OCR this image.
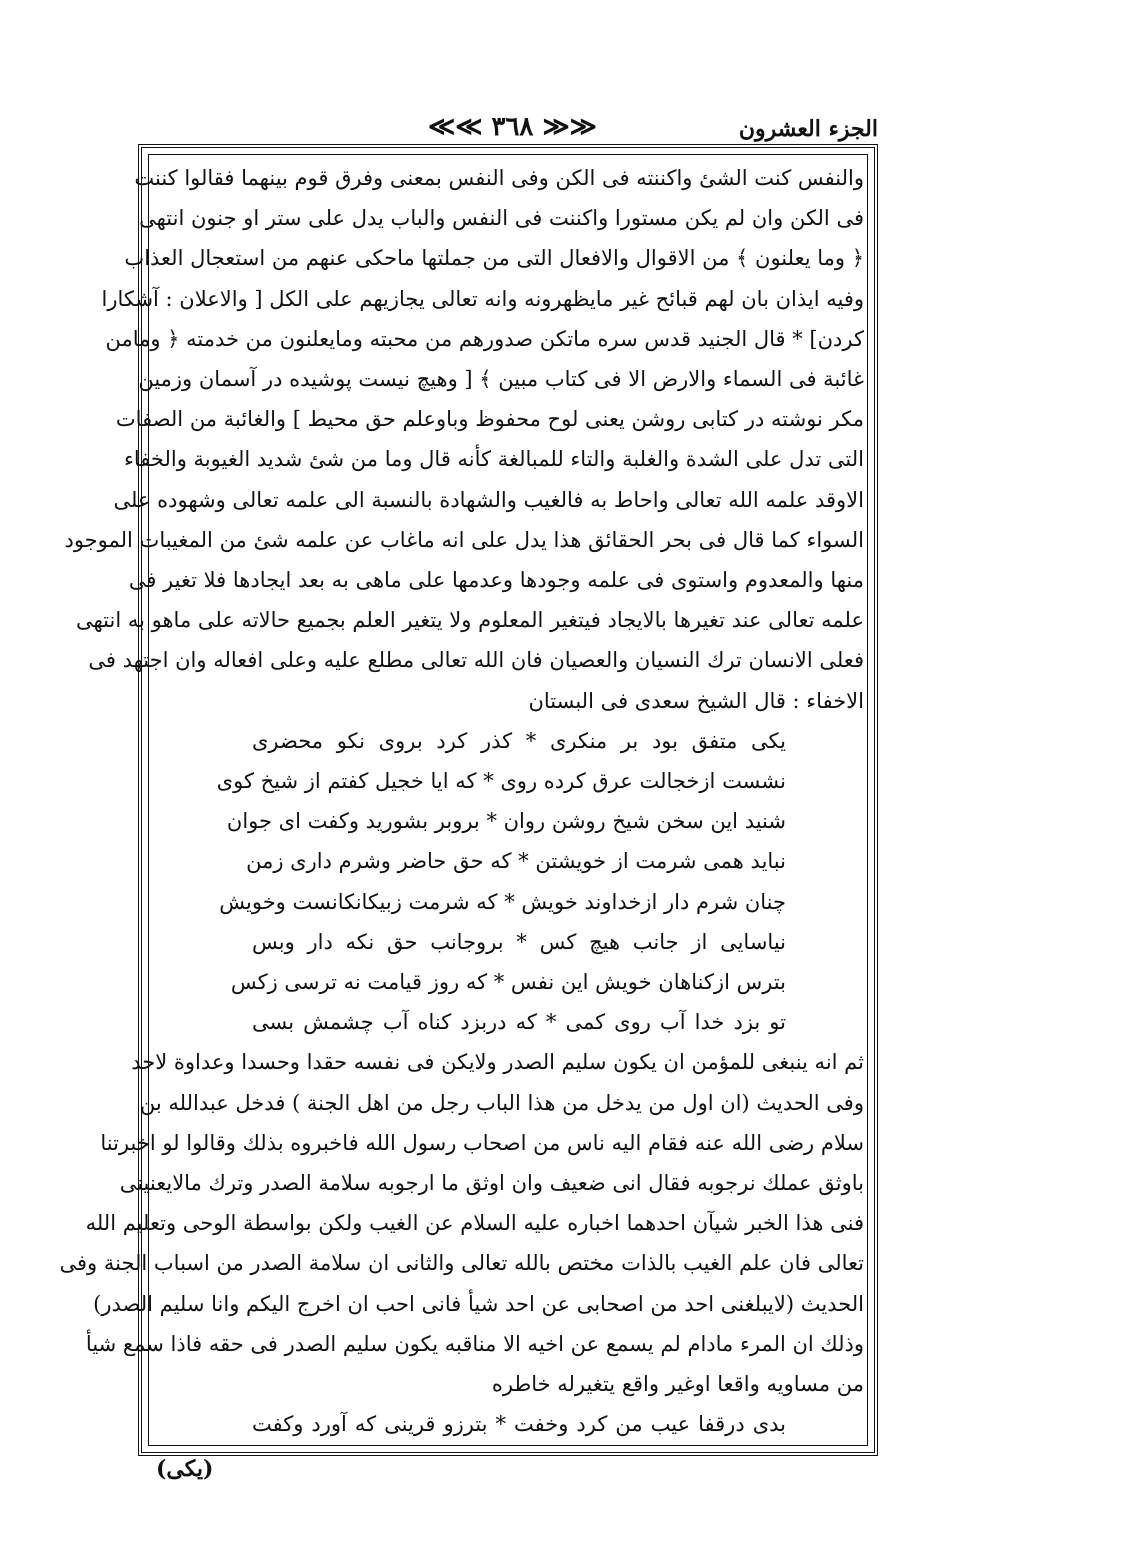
الجزء العشرون
≪≪ ٣٦٨ ≫≫
والنفس كنت الشئ واكننته فى الكن وفى النفس بمعنى وفرق قوم بينهما فقالوا كننت
فى الكن وان لم يكن مستورا واكننت فى النفس والباب يدل على ستر او جنون انتهى
﴿ وما يعلنون ﴾ من الاقوال والافعال التى من جملتها ماحكى عنهم من استعجال العذاب
وفيه ايذان بان لهم قبائح غير مايظهرونه وانه تعالى يجازيهم على الكل [ والاعلان : آشكارا
كردن] * قال الجنيد قدس سره ماتكن صدورهم من محبته ومايعلنون من خدمته ﴿ ومامن
غائبة فى السماء والارض الا فى كتاب مبين ﴾ [ وهيچ نيست پوشيده در آسمان وزمين
مكر نوشته در كتابى روشن يعنى لوح محفوظ وباوعلم حق محيط ] والغائبة من الصفات
التى تدل على الشدة والغلبة والتاء للمبالغة كأنه قال وما من شئ شديد الغيوبة والخفاء
الاوقد علمه الله تعالى واحاط به فالغيب والشهادة بالنسبة الى علمه تعالى وشهوده على
السواء كما قال فى بحر الحقائق هذا يدل على انه ماغاب عن علمه شئ من المغيبات الموجود
منها والمعدوم واستوى فى علمه وجودها وعدمها على ماهى به بعد ايجادها فلا تغير فى
علمه تعالى عند تغيرها بالايجاد فيتغير المعلوم ولا يتغير العلم بجميع حالاته على ماهو به انتهى
فعلى الانسان ترك النسيان والعصيان فان الله تعالى مطلع عليه وعلى افعاله وان اجتهد فى
الاخفاء : قال الشيخ سعدى فى البستان
يكى متفق بود بر منكرى * كذر كرد بروى نكو محضرى
نشست ازخجالت عرق كرده روى * كه ايا خجيل كفتم از شيخ كوى
شنيد اين سخن شيخ روشن روان * بروبر بشوريد وكفت اى جوان
نبايد همى شرمت از خويشتن * كه حق حاضر وشرم دارى زمن
چنان شرم دار ازخداوند خويش * كه شرمت زبيكانكانست وخويش
نياسايى از جانب هيچ كس * بروجانب حق نكه دار وبس
بترس ازكناهان خويش اين نفس * كه روز قيامت نه ترسى زكس
تو بزد خدا آب روى كمى * كه دربزد كناه آب چشمش بسى
ثم انه ينبغى للمؤمن ان يكون سليم الصدر ولايكن فى نفسه حقدا وحسدا وعداوة لاحد
وفى الحديث (ان اول من يدخل من هذا الباب رجل من اهل الجنة ) فدخل عبدالله بن
سلام رضى الله عنه فقام اليه ناس من اصحاب رسول الله فاخبروه بذلك وقالوا لو اخبرتنا
باوثق عملك نرجوبه فقال انى ضعيف وان اوثق ما ارجوبه سلامة الصدر وترك مالايعنينى
فنى هذا الخبر شيآن احدهما اخباره عليه السلام عن الغيب ولكن بواسطة الوحى وتعليم الله
تعالى فان علم الغيب بالذات مختص بالله تعالى والثانى ان سلامة الصدر من اسباب الجنة وفى
الحديث (لايبلغنى احد من اصحابى عن احد شيأ فانى احب ان اخرج اليكم وانا سليم الصدر)
وذلك ان المرء مادام لم يسمع عن اخيه الا مناقبه يكون سليم الصدر فى حقه فاذا سمع شيأ
من مساويه واقعا اوغير واقع يتغيرله خاطره
بدى درقفا عيب من كرد وخفت * بترزو قرينى كه آورد وكفت
(يكى)
